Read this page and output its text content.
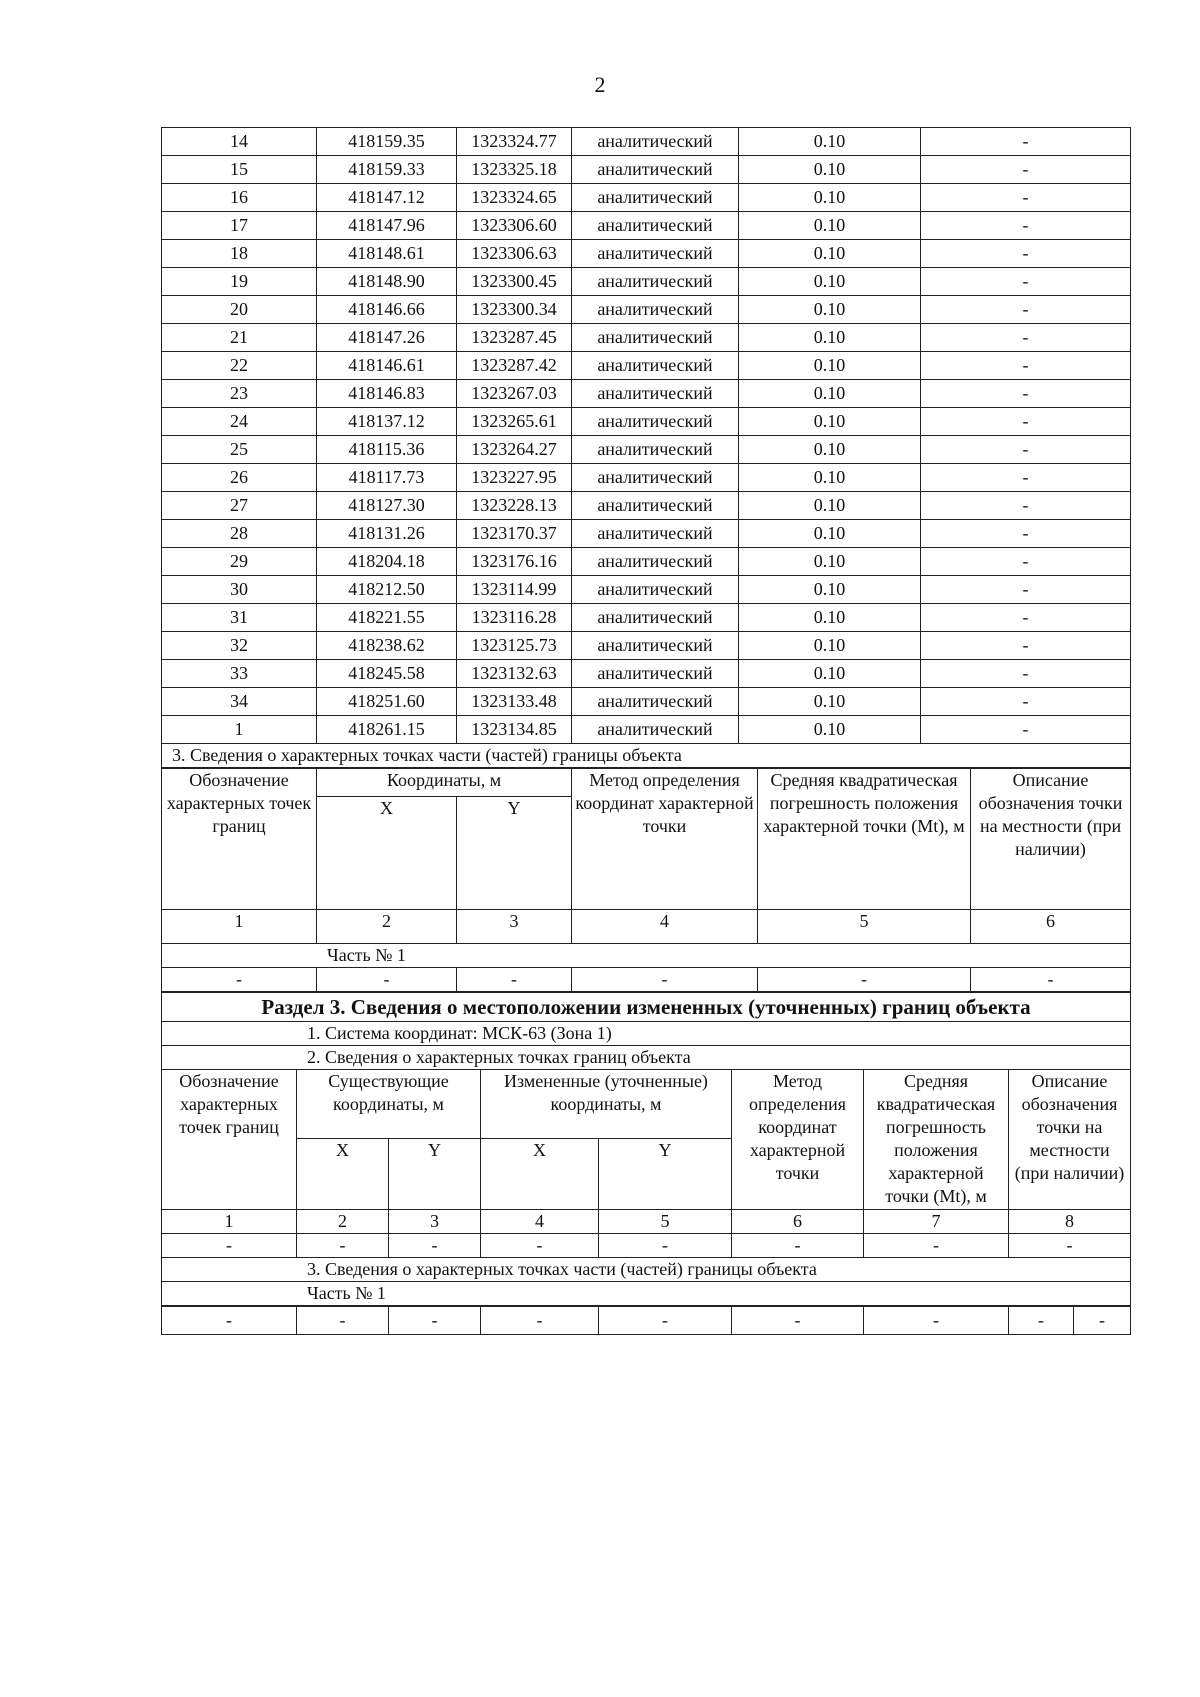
2
14	418159.35	1323324.77	аналитический	0.10	-
15	418159.33	1323325.18	аналитический	0.10	-
16	418147.12	1323324.65	аналитический	0.10	-
17	418147.96	1323306.60	аналитический	0.10	-
18	418148.61	1323306.63	аналитический	0.10	-
19	418148.90	1323300.45	аналитический	0.10	-
20	418146.66	1323300.34	аналитический	0.10	-
21	418147.26	1323287.45	аналитический	0.10	-
22	418146.61	1323287.42	аналитический	0.10	-
23	418146.83	1323267.03	аналитический	0.10	-
24	418137.12	1323265.61	аналитический	0.10	-
25	418115.36	1323264.27	аналитический	0.10	-
26	418117.73	1323227.95	аналитический	0.10	-
27	418127.30	1323228.13	аналитический	0.10	-
28	418131.26	1323170.37	аналитический	0.10	-
29	418204.18	1323176.16	аналитический	0.10	-
30	418212.50	1323114.99	аналитический	0.10	-
31	418221.55	1323116.28	аналитический	0.10	-
32	418238.62	1323125.73	аналитический	0.10	-
33	418245.58	1323132.63	аналитический	0.10	-
34	418251.60	1323133.48	аналитический	0.10	-
1	418261.15	1323134.85	аналитический	0.10	-
3. Сведения о характерных точках части (частей) границы объекта					
Обозначение характерных точек границ	Координаты, м		Метод определения координат характерной точки	Средняя квадратическая погрешность положения характерной точки (Mt), м	Описание обозначения точки на местности (при наличии)
	X	Y			
1	2	3	4	5	6
Часть № 1					
-	-	-	-	-	-
Раздел 3. Сведения о местоположении измененных (уточненных) границ объекта							
1. Система координат: МСК-63 (Зона 1)							
2. Сведения о характерных точках границ объекта							
Обозначение характерных точек границ	Существующие координаты, м		Измененные (уточненные) координаты, м		Метод определения координат характерной точки	Средняя квадратическая погрешность положения характерной точки (Mt), м	Описание обозначения точки на местности (при наличии)
	X	Y	X	Y			
1	2	3	4	5	6	7	8
-	-	-	-	-	-	-	-
3. Сведения о характерных точках части (частей) границы объекта							
Часть № 1							
-	-	-	-	-	-	-	-	-
